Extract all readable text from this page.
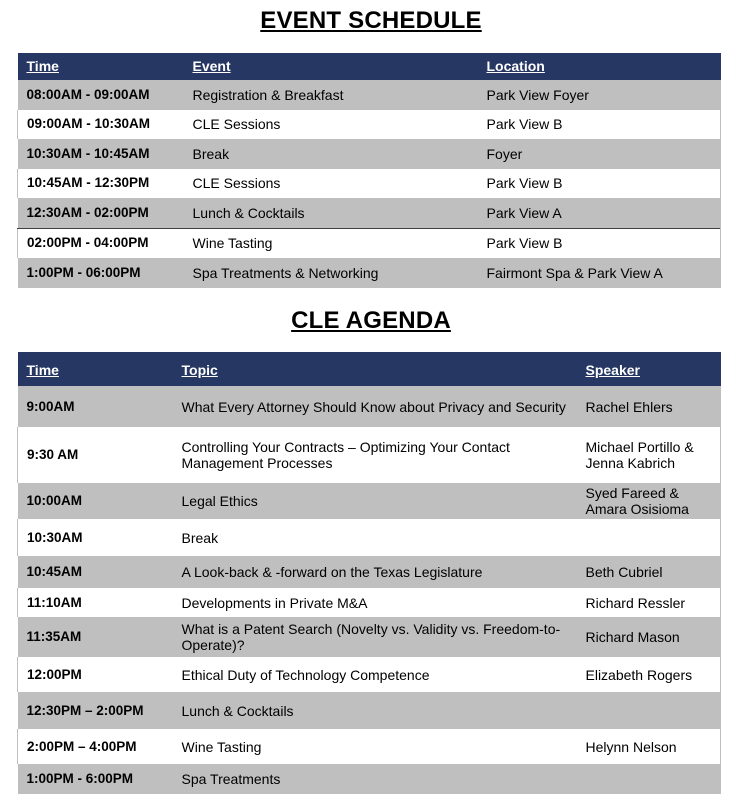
EVENT SCHEDULE
Time	Event	Location
08:00AM - 09:00AM	Registration & Breakfast	Park View Foyer
09:00AM - 10:30AM	CLE Sessions	Park View B
10:30AM - 10:45AM	Break	Foyer
10:45AM - 12:30PM	CLE Sessions	Park View B
12:30AM - 02:00PM	Lunch & Cocktails	Park View A
02:00PM - 04:00PM	Wine Tasting	Park View B
1:00PM - 06:00PM	Spa Treatments & Networking	Fairmont Spa & Park View A
CLE AGENDA
Time	Topic	Speaker
9:00AM	What Every Attorney Should Know about Privacy and Security	Rachel Ehlers
9:30 AM	Controlling Your Contracts – Optimizing Your Contact Management Processes	Michael Portillo & Jenna Kabrich
10:00AM	Legal Ethics	Syed Fareed & Amara Osisioma
10:30AM	Break	
10:45AM	A Look-back & -forward on the Texas Legislature	Beth Cubriel
11:10AM	Developments in Private M&A	Richard Ressler
11:35AM	What is a Patent Search (Novelty vs. Validity vs. Freedom-to-Operate)?	Richard Mason
12:00PM	Ethical Duty of Technology Competence	Elizabeth Rogers
12:30PM – 2:00PM	Lunch & Cocktails	
2:00PM – 4:00PM	Wine Tasting	Helynn Nelson
1:00PM - 6:00PM	Spa Treatments	
